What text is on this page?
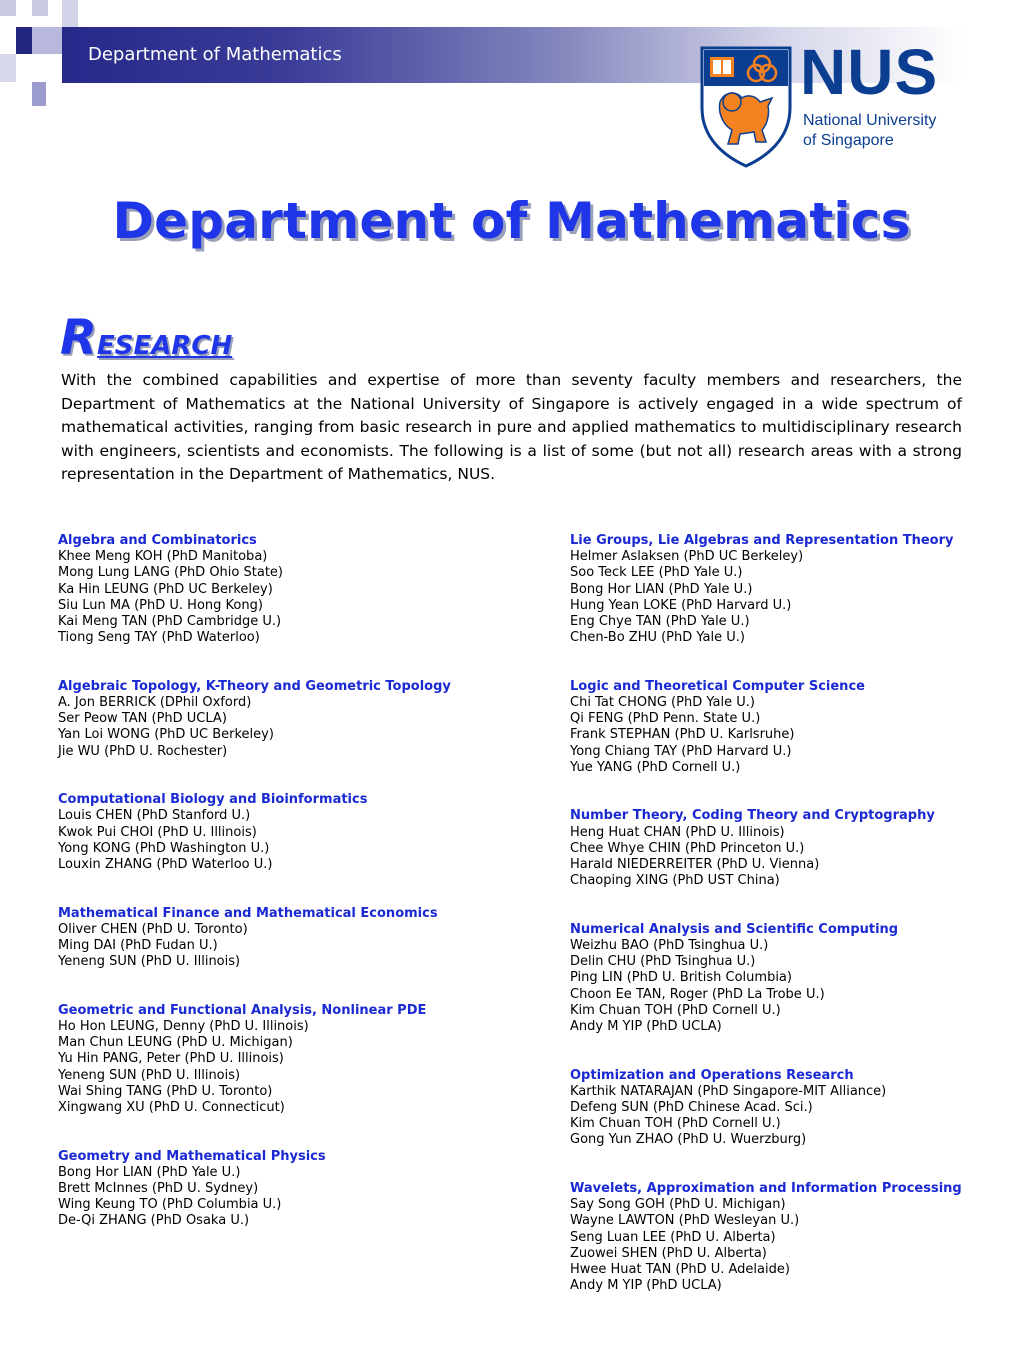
Department of Mathematics	NUS
National University
of Singapore
Department of Mathematics
RESEARCH
With the combined capabilities and expertise of more than seventy faculty members and researchers, the Department of Mathematics at the National University of Singapore is actively engaged in a wide spectrum of mathematical activities, ranging from basic research in pure and applied mathematics to multidisciplinary research with engineers, scientists and economists. The following is a list of some (but not all) research areas with a strong representation in the Department of Mathematics, NUS.
Algebra and Combinatorics
Khee Meng KOH (PhD Manitoba)
Mong Lung LANG (PhD Ohio State)
Ka Hin LEUNG (PhD UC Berkeley)
Siu Lun MA (PhD U. Hong Kong)
Kai Meng TAN (PhD Cambridge U.)
Tiong Seng TAY (PhD Waterloo)
Algebraic Topology, K-Theory and Geometric Topology
A. Jon BERRICK (DPhil Oxford)
Ser Peow TAN (PhD UCLA)
Yan Loi WONG (PhD UC Berkeley)
Jie WU (PhD U. Rochester)
Computational Biology and Bioinformatics
Louis CHEN (PhD Stanford U.)
Kwok Pui CHOI (PhD U. Illinois)
Yong KONG (PhD Washington U.)
Louxin ZHANG (PhD Waterloo U.)
Mathematical Finance and Mathematical Economics
Oliver CHEN (PhD U. Toronto)
Ming DAI (PhD Fudan U.)
Yeneng SUN (PhD U. Illinois)
Geometric and Functional Analysis, Nonlinear PDE
Ho Hon LEUNG, Denny (PhD U. Illinois)
Man Chun LEUNG (PhD U. Michigan)
Yu Hin PANG, Peter (PhD U. Illinois)
Yeneng SUN (PhD U. Illinois)
Wai Shing TANG (PhD U. Toronto)
Xingwang XU (PhD U. Connecticut)
Geometry and Mathematical Physics
Bong Hor LIAN (PhD Yale U.)
Brett McInnes (PhD U. Sydney)
Wing Keung TO (PhD Columbia U.)
De-Qi ZHANG (PhD Osaka U.)
Lie Groups, Lie Algebras and Representation Theory
Helmer Aslaksen (PhD UC Berkeley)
Soo Teck LEE (PhD Yale U.)
Bong Hor LIAN (PhD Yale U.)
Hung Yean LOKE (PhD Harvard U.)
Eng Chye TAN (PhD Yale U.)
Chen-Bo ZHU (PhD Yale U.)
Logic and Theoretical Computer Science
Chi Tat CHONG (PhD Yale U.)
Qi FENG (PhD Penn. State U.)
Frank STEPHAN (PhD U. Karlsruhe)
Yong Chiang TAY (PhD Harvard U.)
Yue YANG (PhD Cornell U.)
Number Theory, Coding Theory and Cryptography
Heng Huat CHAN (PhD U. Illinois)
Chee Whye CHIN (PhD Princeton U.)
Harald NIEDERREITER (PhD U. Vienna)
Chaoping XING (PhD UST China)
Numerical Analysis and Scientific Computing
Weizhu BAO (PhD Tsinghua U.)
Delin CHU (PhD Tsinghua U.)
Ping LIN (PhD U. British Columbia)
Choon Ee TAN, Roger (PhD La Trobe U.)
Kim Chuan TOH (PhD Cornell U.)
Andy M YIP (PhD UCLA)
Optimization and Operations Research
Karthik NATARAJAN (PhD Singapore-MIT Alliance)
Defeng SUN (PhD Chinese Acad. Sci.)
Kim Chuan TOH (PhD Cornell U.)
Gong Yun ZHAO (PhD U. Wuerzburg)
Wavelets, Approximation and Information Processing
Say Song GOH (PhD U. Michigan)
Wayne LAWTON (PhD Wesleyan U.)
Seng Luan LEE (PhD U. Alberta)
Zuowei SHEN (PhD U. Alberta)
Hwee Huat TAN (PhD U. Adelaide)
Andy M YIP (PhD UCLA)
